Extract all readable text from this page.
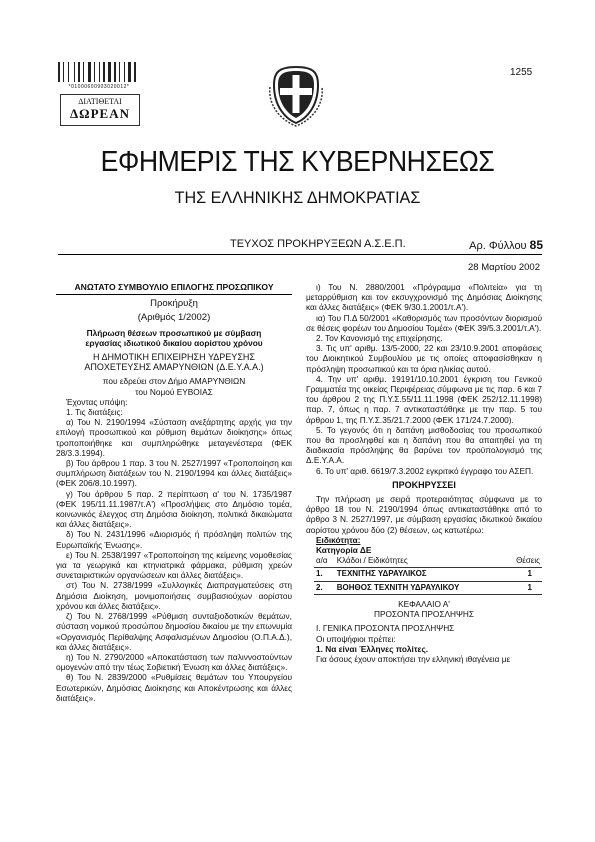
*01000600903020012*
ΔΙΑΤΙΘΕΤΑΙ
ΔΩΡΕΑΝ
1255
ΕΦΗΜΕΡΙΣ ΤΗΣ ΚΥΒΕΡΝΗΣΕΩΣ
ΤΗΣ ΕΛΛΗΝΙΚΗΣ ΔΗΜΟΚΡΑΤΙΑΣ
ΤΕΥΧΟΣ ΠΡΟΚΗΡΥΞΕΩΝ Α.Σ.Ε.Π.	Αρ. Φύλλου 85
28 Μαρτίου 2002

ΑΝΩΤΑΤΟ ΣΥΜΒΟΥΛΙΟ ΕΠΙΛΟΓΗΣ ΠΡΟΣΩΠΙΚΟΥ

Προκήρυξη

(Αριθμός 1/2002)

Πλήρωση θέσεων προσωπικού με σύμβαση

εργασίας ιδιωτικού δικαίου αορίστου χρόνου

Η ΔΗΜΟΤΙΚΗ ΕΠΙΧΕΙΡΗΣΗ ΥΔΡΕΥΣΗΣ

ΑΠΟΧΕΤΕΥΣΗΣ ΑΜΑΡΥΝΘΙΩΝ (Δ.Ε.Υ.Α.Α.)

που εδρεύει στον Δήμο ΑΜΑΡΥΝΘΙΩΝ

του Νομού ΕΥΒΟΙΑΣ

Έχοντας υπόψη:

1. Τις διατάξεις:

α) Του Ν. 2190/1994 «Σύσταση ανεξάρτητης αρχής για την επιλογή προσωπικού και ρύθμιση θεμάτων διοίκησης» όπως τροποποιήθηκε και συμπληρώθηκε μεταγενέστερα (ΦΕΚ 28/3.3.1994).

β) Του άρθρου 1 παρ. 3 του Ν. 2527/1997 «Τροποποίηση και συμπλήρωση διατάξεων του Ν. 2190/1994 και άλλες διατάξεις» (ΦΕΚ 206/8.10.1997).

γ) Του άρθρου 5 παρ. 2 περίπτωση α' του Ν. 1735/1987 (ΦΕΚ 195/11.11.1987/τ.Α') «Προσλήψεις στο Δημόσιο τομέα, κοινωνικός έλεγχος στη Δημόσια διοίκηση, πολιτικά δικαιώματα και άλλες διατάξεις».

δ) Του Ν. 2431/1996 «Διορισμός ή πρόσληψη πολιτών της Ευρωπαϊκής Ένωσης».

ε) Του Ν. 2538/1997 «Τροποποίηση της κείμενης νομοθεσίας για τα γεωργικά και κτηνιατρικά φάρμακα, ρύθμιση χρεών συνεταιριστικών οργανώσεων και άλλες διατάξεις».

στ) Του Ν. 2738/1999 «Συλλογικές Διαπραγματεύσεις στη Δημόσια Διοίκηση, μονιμοποιήσεις συμβασιούχων αορίστου χρόνου και άλλες διατάξεις».

ζ) Του Ν. 2768/1999 «Ρύθμιση συνταξιοδοτικών θεμάτων, σύσταση νομικού προσώπου δημοσίου δικαίου με την επωνυμία «Οργανισμός Περίθαλψης Ασφαλισμένων Δημοσίου (Ο.Π.Α.Δ.), και άλλες διατάξεις».

η) Του Ν. 2790/2000 «Αποκατάσταση των παλιννοστούντων ομογενών από την τέως Σοβιετική Ένωση και άλλες διατάξεις».

θ) Του Ν. 2839/2000 «Ρυθμίσεις θεμάτων του Υπουργείου Εσωτερικών, Δημόσιας Διοίκησης και Αποκέντρωσης και άλλες διατάξεις».

ι) Του Ν. 2880/2001 «Πρόγραμμα «Πολιτεία» για τη μεταρρύθμιση και τον εκσυγχρονισμό της Δημόσιας Διοίκησης και άλλες διατάξεις» (ΦΕΚ 9/30.1.2001/τ.Α').

ια) Του Π.Δ 50/2001 «Καθορισμός των προσόντων διορισμού σε θέσεις φορέων του Δημοσίου Τομέα» (ΦΕΚ 39/5.3.2001/τ.Α').

2. Τον Κανονισμό της επιχείρησης.

3. Τις υπ' αριθμ. 13/5-2000, 22 και 23/10.9.2001 αποφάσεις του Διοικητικού Συμβουλίου με τις οποίες αποφασίσθηκαν η πρόσληψη προσωπικού και τα όρια ηλικίας αυτού.

4. Την υπ' αριθμ. 19191/10.10.2001 έγκριση του Γενικού Γραμματέα της οικείας Περιφέρειας σύμφωνα με τις παρ. 6 και 7 του άρθρου 2 της Π.Υ.Σ.55/11.11.1998 (ΦΕΚ 252/12.11.1998) παρ. 7, όπως η παρ. 7 αντικαταστάθηκε με την παρ. 5 του άρθρου 1, της Π.Υ.Σ.35/21.7.2000 (ΦΕΚ 171/24.7.2000).

5. Το γεγονός ότι η δαπάνη μισθοδοσίας του προσωπικού που θα προσληφθεί και η δαπάνη που θα απαιτηθεί για τη διαδικασία πρόσληψης θα βαρύνει τον προϋπολογισμό της Δ.Ε.Υ.Α.Α.

6. Το υπ' αριθ. 6619/7.3.2002 εγκριτικό έγγραφο του ΑΣΕΠ.

ΠΡΟΚΗΡΥΣΣΕΙ

Την πλήρωση με σειρά προτεραιότητας σύμφωνα με το άρθρο 18 του Ν. 2190/1994 όπως αντικαταστάθηκε από το άρθρο 3 Ν. 2527/1997, με σύμβαση εργασίας ιδιωτικού δικαίου αορίστου χρόνου δύο (2) θέσεων, ως κατωτέρω:

Ειδικότητα:

Κατηγορία ΔΕ

α/α	Κλάδοι / Ειδικότητες	Θέσεις
1.	ΤΕΧΝΙΤΗΣ ΥΔΡΑΥΛΙΚΟΣ	1
2.	ΒΟΗΘΟΣ ΤΕΧΝΙΤΗ ΥΔΡΑΥΛΙΚΟΥ	1

ΚΕΦΑΛΑΙΟ Α'

ΠΡΟΣΟΝΤΑ ΠΡΟΣΛΗΨΗΣ

Ι. ΓΕΝΙΚΑ ΠΡΟΣΟΝΤΑ ΠΡΟΣΛΗΨΗΣ

Οι υποψήφιοι πρέπει:

1. Να είναι Έλληνες πολίτες.

Για όσους έχουν αποκτήσει την ελληνική ιθαγένεια με
